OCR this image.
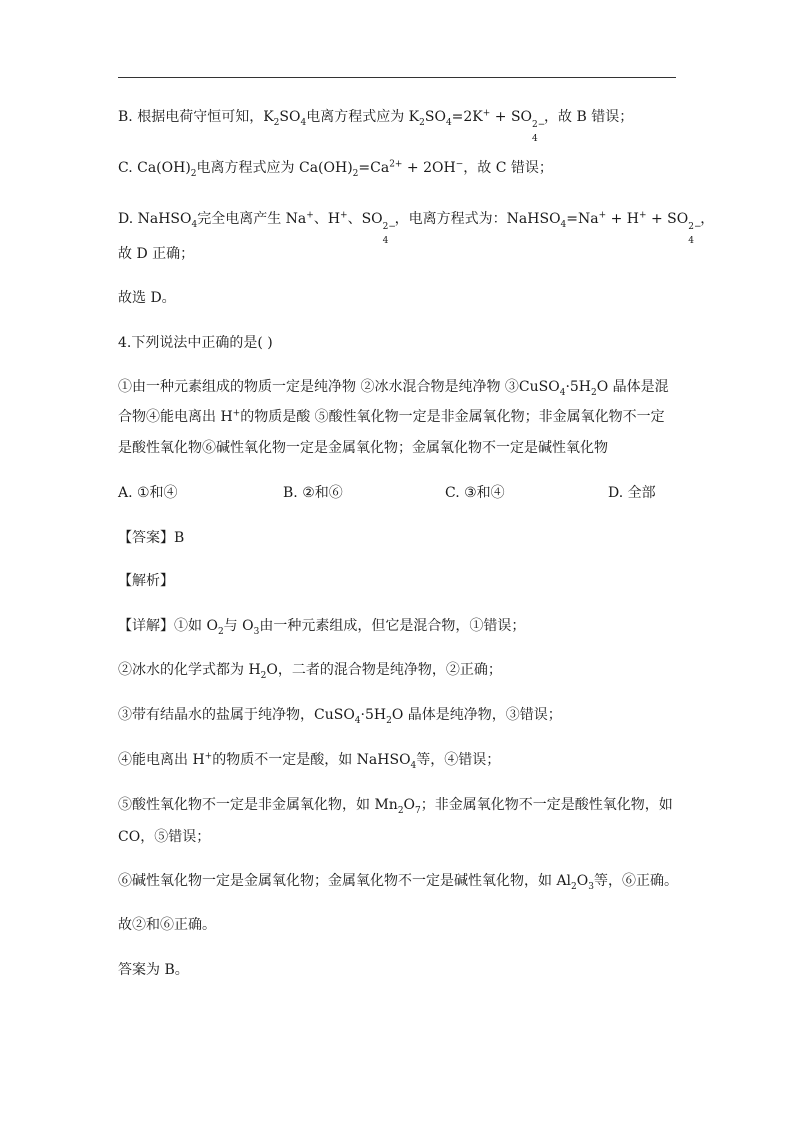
B. 根据电荷守恒可知，$K_2SO_4$电离方程式应为 $K_2SO_4=2K^+$ + SO 2−
4
，故 B 错误；
C. $Ca(OH)_2$电离方程式应为 $Ca(OH)_2=Ca^{2+} + 2OH^-$，故 C 错误；
D. NaHSO$_4$完全电离产生 Na+、H+、SO 2−
4
，电离方程式为：NaHSO$_4$=Na+ + H+ + SO 2−
4
，
故 D 正确；
故选 D。
4.下列说法中正确的是( )
①由一种元素组成的物质一定是纯净物 ②冰水混合物是纯净物 $③CuSO_4\cdot 5H_2O$ 晶体是混
合物④能电离出 H+的物质是酸 ⑤酸性氧化物一定是非金属氧化物；非金属氧化物不一定
是酸性氧化物⑥碱性氧化物一定是金属氧化物；金属氧化物不一定是碱性氧化物
A. ①和④	B. ②和⑥	C. ③和④	D. 全部
【答案】B
【解析】
【详解】①如 $O_2$与 $O_3$由一种元素组成，但它是混合物，①错误；
②冰水的化学式都为 $H_2O$，二者的混合物是纯净物，②正确；
③带有结晶水的盐属于纯净物，$CuSO_4\cdot 5H_2O$ 晶体是纯净物，③错误；
④能电离出 H+的物质不一定是酸，如 NaHSO$_4$等，④错误；
⑤酸性氧化物不一定是非金属氧化物，如 $Mn_2O_7$；非金属氧化物不一定是酸性氧化物，如
CO，⑤错误；
⑥碱性氧化物一定是金属氧化物；金属氧化物不一定是碱性氧化物，如 $Al_2O_3$等，⑥正确。
故②和⑥正确。
答案为 B。
